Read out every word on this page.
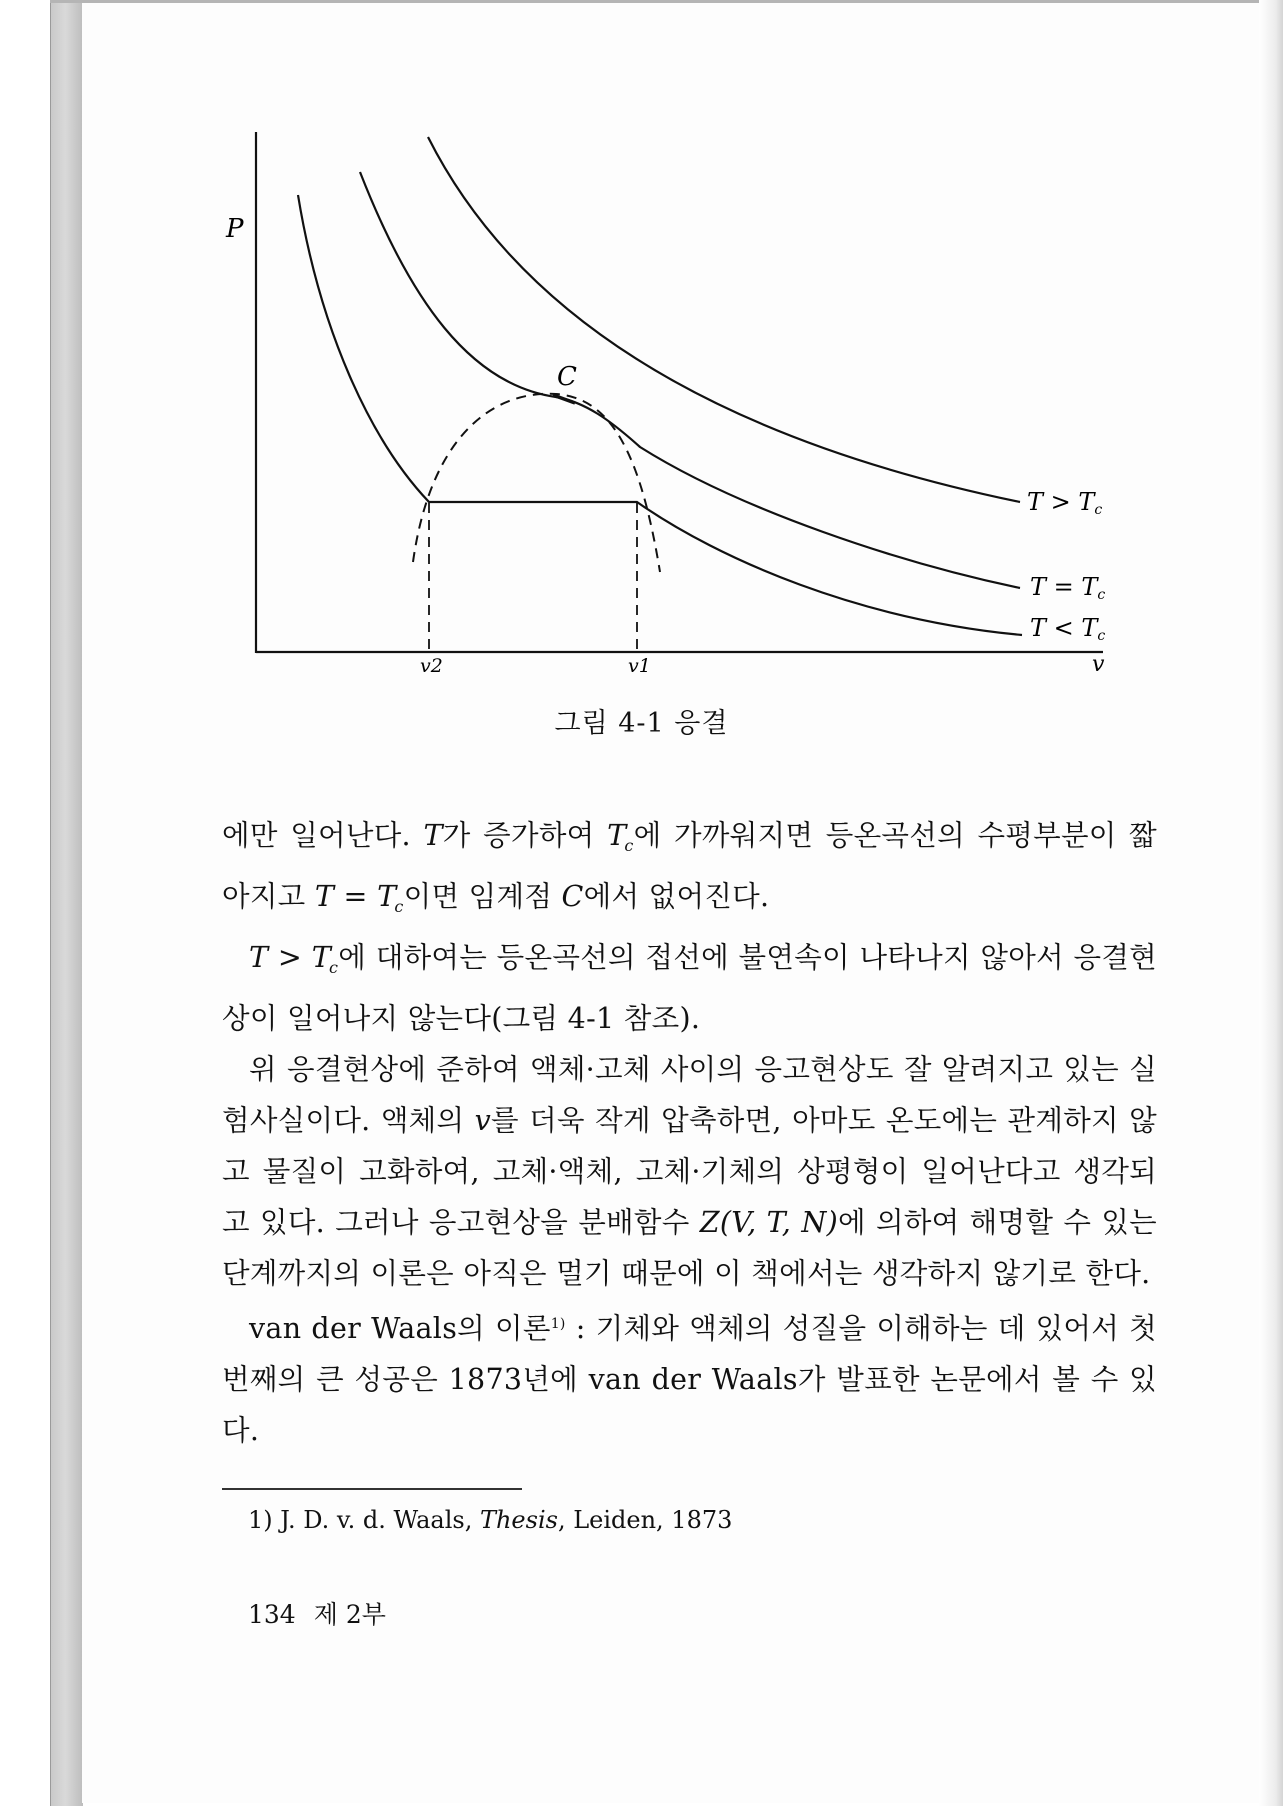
P
v
C
v2	v1
T > Tc
T = Tc
T < Tc
그림 4-1 응결

에만 일어난다. T가 증가하여 $T_c$에 가까워지면 등온곡선의 수평부분이 짧아지고 $T = T_c$이면 임계점 C에서 없어진다.

$T > T_c$에 대하여는 등온곡선의 접선에 불연속이 나타나지 않아서 응결현상이 일어나지 않는다(그림 4-1 참조).

위 응결현상에 준하여 액체·고체 사이의 응고현상도 잘 알려지고 있는 실험사실이다. 액체의 v를 더욱 작게 압축하면, 아마도 온도에는 관계하지 않고 물질이 고화하여, 고체·액체, 고체·기체의 상평형이 일어난다고 생각되고 있다. 그러나 응고현상을 분배함수 Z(V, T, N)에 의하여 해명할 수 있는 단계까지의 이론은 아직은 멀기 때문에 이 책에서는 생각하지 않기로 한다.

van der Waals의 이론$^{1)}$ : 기체와 액체의 성질을 이해하는 데 있어서 첫 번째의 큰 성공은 1873년에 van der Waals가 발표한 논문에서 볼 수 있다.

1) J. D. v. d. Waals, Thesis, Leiden, 1873
134 제 2부
